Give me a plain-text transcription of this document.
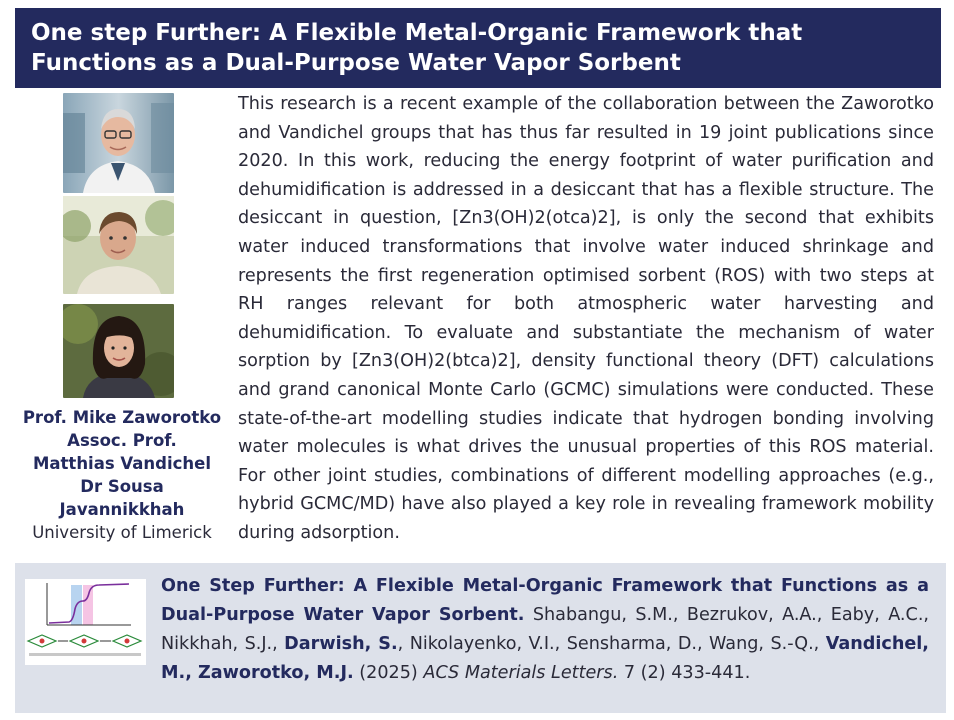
One step Further: A Flexible Metal-Organic Framework that Functions as a Dual-Purpose Water Vapor Sorbent
Prof. Mike Zaworotko
Assoc. Prof.
Matthias Vandichel
Dr Sousa
Javannikkhah
University of Limerick
This research is a recent example of the collaboration between the Zaworotko and Vandichel groups that has thus far resulted in 19 joint publications since 2020. In this work, reducing the energy footprint of water purification and dehumidification is addressed in a desiccant that has a flexible structure. The desiccant in question, [Zn3(OH)2(otca)2], is only the second that exhibits water induced transformations that involve water induced shrinkage and represents the first regeneration optimised sorbent (ROS) with two steps at RH ranges relevant for both atmospheric water harvesting and dehumidification. To evaluate and substantiate the mechanism of water sorption by [Zn3(OH)2(btca)2], density functional theory (DFT) calculations and grand canonical Monte Carlo (GCMC) simulations were conducted. These state-of-the-art modelling studies indicate that hydrogen bonding involving water molecules is what drives the unusual properties of this ROS material. For other joint studies, combinations of different modelling approaches (e.g., hybrid GCMC/MD) have also played a key role in revealing framework mobility during adsorption.
One Step Further: A Flexible Metal-Organic Framework that Functions as a Dual-Purpose Water Vapor Sorbent. Shabangu, S.M., Bezrukov, A.A., Eaby, A.C., Nikkhah, S.J., Darwish, S., Nikolayenko, V.I., Sensharma, D., Wang, S.-Q., Vandichel, M., Zaworotko, M.J. (2025) ACS Materials Letters. 7 (2) 433-441.
